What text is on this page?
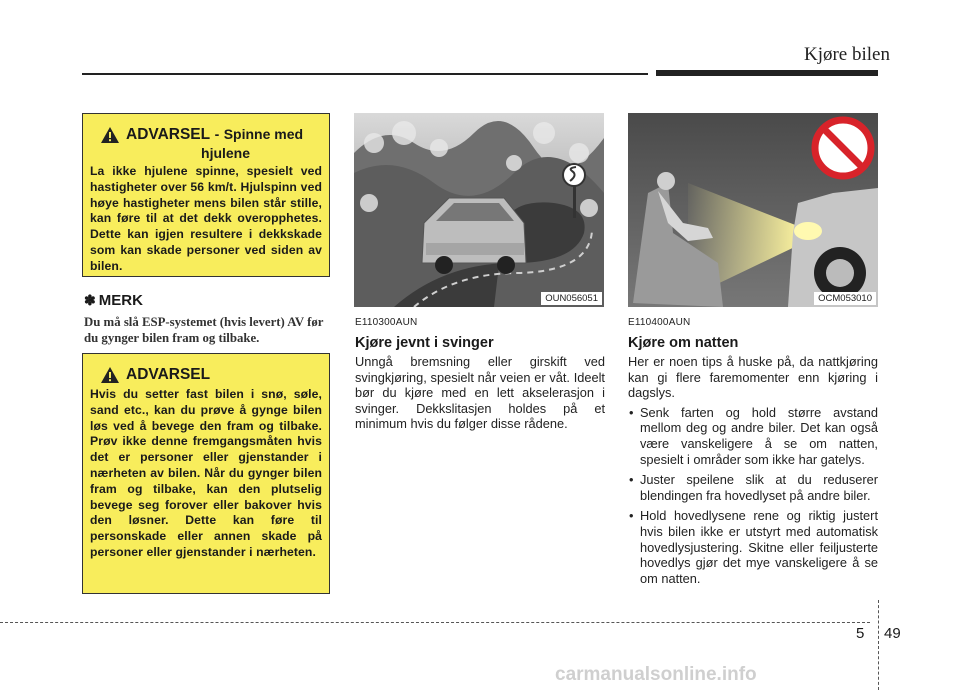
Kjøre bilen
ADVARSEL - Spinne med
hjulene
La ikke hjulene spinne, spesielt ved hastigheter over 56 km/t. Hjulspinn ved høye hastigheter mens bilen står stille, kan føre til at det dekk overopphetes. Dette kan igjen resultere i dekkskade som kan skade personer ved siden av bilen.
✽ MERK
Du må slå ESP-systemet (hvis levert) AV før du gynger bilen fram og tilbake.
ADVARSEL
Hvis du setter fast bilen i snø, søle, sand etc., kan du prøve å gynge bilen løs ved å bevege den fram og tilbake. Prøv ikke denne fremgangsmåten hvis det er personer eller gjenstander i nærheten av bilen. Når du gynger bilen fram og tilbake, kan den plutselig bevege seg forover eller bakover hvis den løsner. Dette kan føre til personskade eller annen skade på personer eller gjenstander i nærheten.
OUN056051	OCM053010
E110300AUN
Kjøre jevnt i svinger
Unngå bremsning eller girskift ved svingkjøring, spesielt når veien er våt. Ideelt bør du kjøre med en lett akselerasjon i svinger. Dekkslitasjen holdes på et minimum hvis du følger disse rådene.
E110400AUN
Kjøre om natten
Her er noen tips å huske på, da nattkjøring kan gi flere faremomenter enn kjøring i dagslys.
• Senk farten og hold større avstand mellom deg og andre biler. Det kan også være vanskeligere å se om natten, spesielt i områder som ikke har gatelys.
• Juster speilene slik at du reduserer blendingen fra hovedlyset på andre biler.
• Hold hovedlysene rene og riktig justert hvis bilen ikke er utstyrt med automatisk hovedlysjustering. Skitne eller feiljusterte hovedlys gjør det mye vanskeligere å se om natten.
5 49
carmanualsonline.info
